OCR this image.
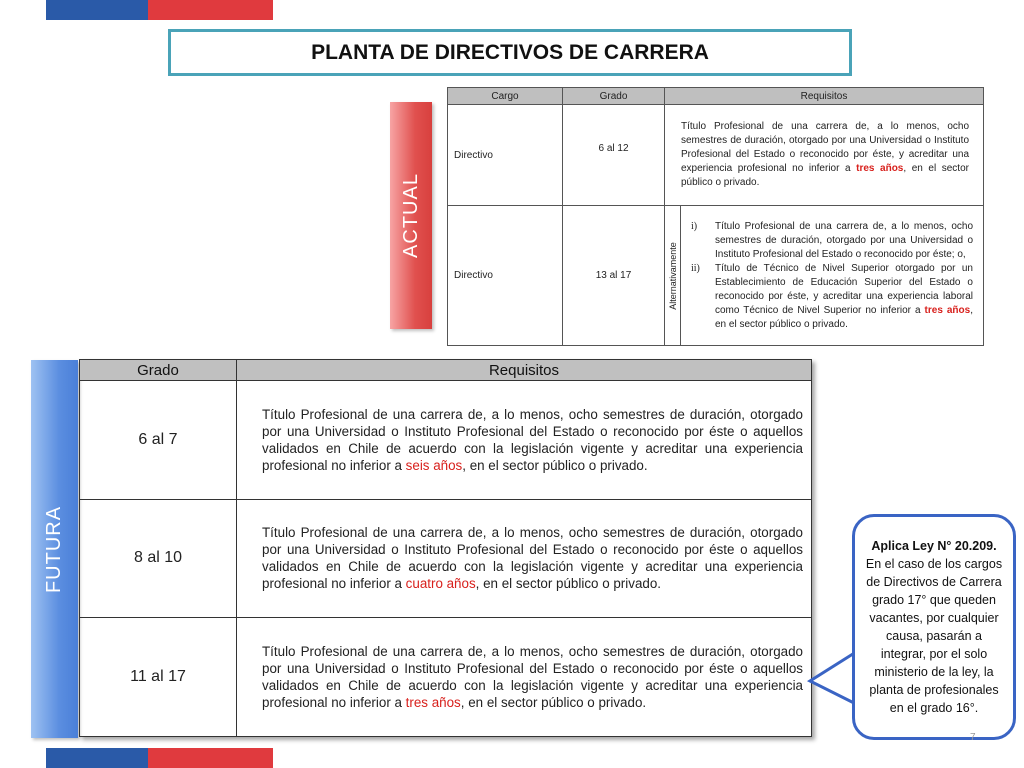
PLANTA DE DIRECTIVOS DE CARRERA
ACTUAL
Cargo	Grado	Requisitos	
Directivo	6 al 12	Título Profesional de una carrera de, a lo menos, ocho semestres de duración, otorgado por una Universidad o Instituto Profesional del Estado o reconocido por éste, y acreditar una experiencia profesional no inferior a tres años, en el sector público o privado.	
Directivo	13 al 17	Alternativamente	i) Título Profesional de una carrera de, a lo menos, ocho semestres de duración, otorgado por una Universidad o Instituto Profesional del Estado o reconocido por éste; o,
ii) Título de Técnico de Nivel Superior otorgado por un Establecimiento de Educación Superior del Estado o reconocido por éste, y acreditar una experiencia laboral como Técnico de Nivel Superior no inferior a tres años, en el sector público o privado.
FUTURA
Grado	Requisitos
6 al 7	Título Profesional de una carrera de, a lo menos, ocho semestres de duración, otorgado por una Universidad o Instituto Profesional del Estado o reconocido por éste o aquellos validados en Chile de acuerdo con la legislación vigente y acreditar una experiencia profesional no inferior a seis años, en el sector público o privado.
8 al 10	Título Profesional de una carrera de, a lo menos, ocho semestres de duración, otorgado por una Universidad o Instituto Profesional del Estado o reconocido por éste o aquellos validados en Chile de acuerdo con la legislación vigente y acreditar una experiencia profesional no inferior a cuatro años, en el sector público o privado.
11 al 17	Título Profesional de una carrera de, a lo menos, ocho semestres de duración, otorgado por una Universidad o Instituto Profesional del Estado o reconocido por éste o aquellos validados en Chile de acuerdo con la legislación vigente y acreditar una experiencia profesional no inferior a tres años, en el sector público o privado.
Aplica Ley N° 20.209. En el caso de los cargos de Directivos de Carrera grado 17° que queden vacantes, por cualquier causa, pasarán a integrar, por el solo ministerio de la ley, la planta de profesionales en el grado 16°.
7
